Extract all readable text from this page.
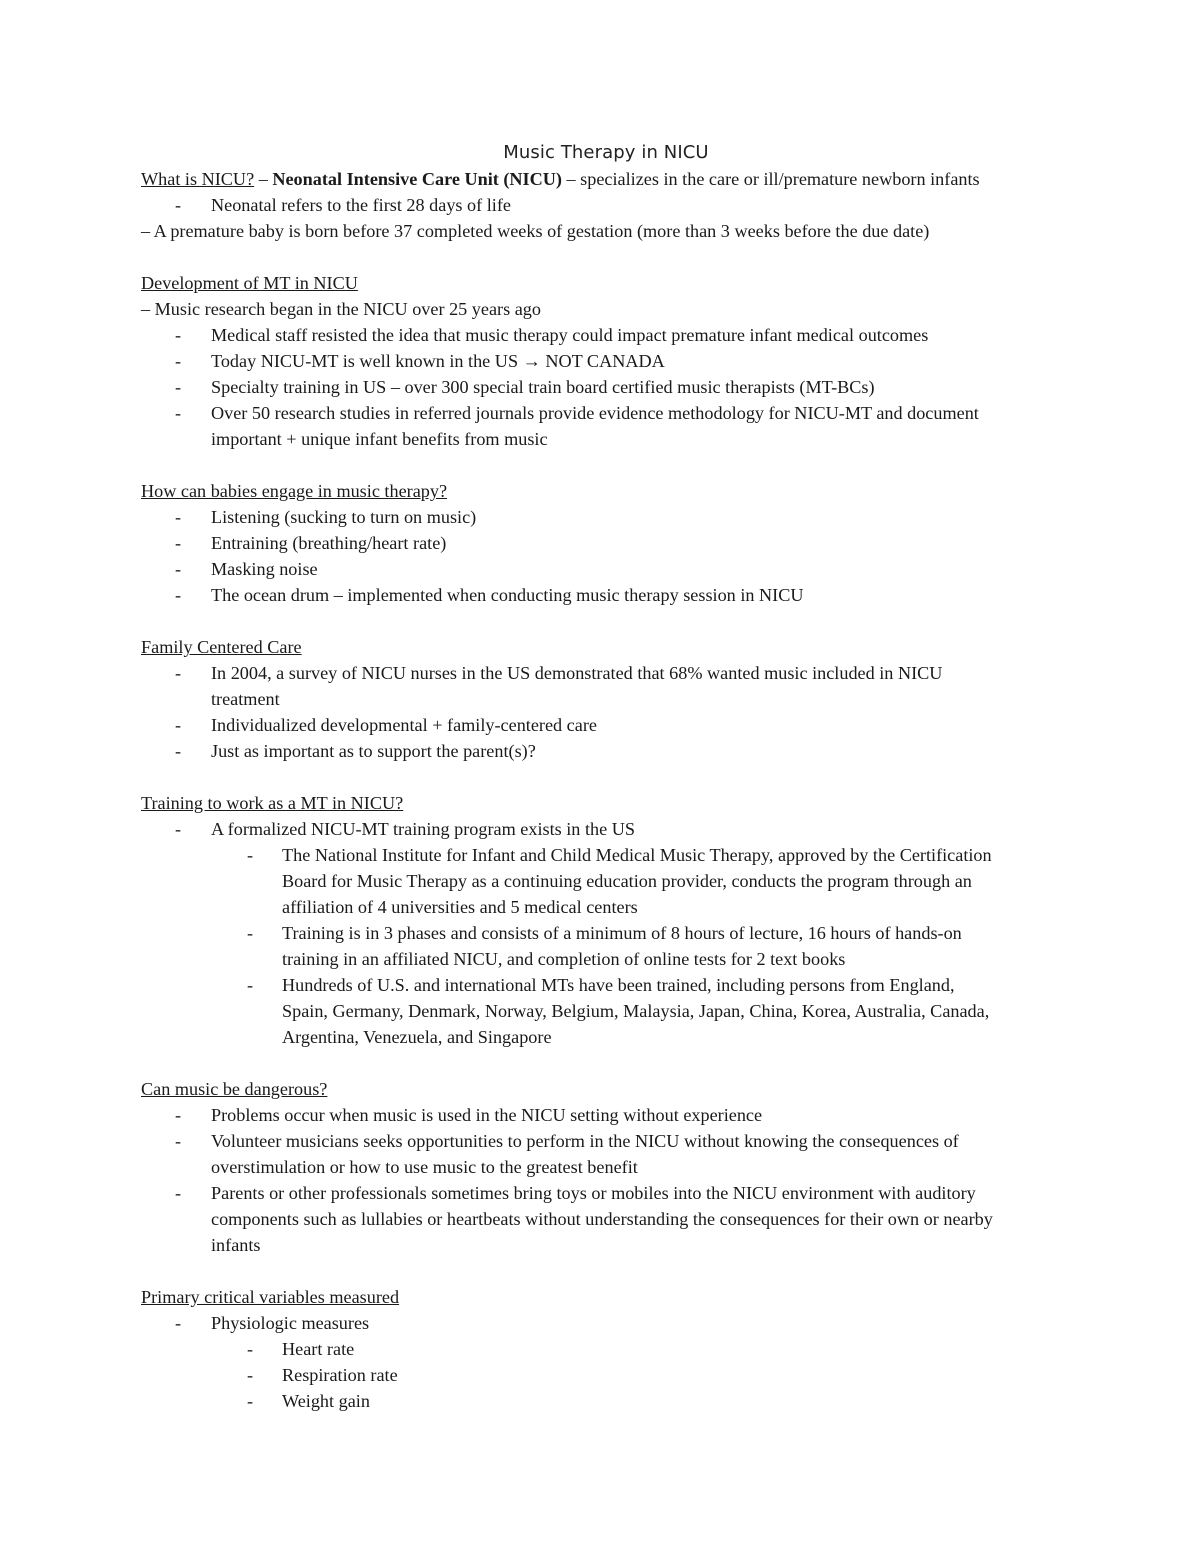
Music Therapy in NICU
What is NICU? – Neonatal Intensive Care Unit (NICU) – specializes in the care or ill/premature newborn infants
- Neonatal refers to the first 28 days of life
– A premature baby is born before 37 completed weeks of gestation (more than 3 weeks before the due date)
Development of MT in NICU
– Music research began in the NICU over 25 years ago
- Medical staff resisted the idea that music therapy could impact premature infant medical outcomes
- Today NICU-MT is well known in the US → NOT CANADA
- Specialty training in US – over 300 special train board certified music therapists (MT-BCs)
- Over 50 research studies in referred journals provide evidence methodology for NICU-MT and document
important + unique infant benefits from music
How can babies engage in music therapy?
- Listening (sucking to turn on music)
- Entraining (breathing/heart rate)
- Masking noise
- The ocean drum – implemented when conducting music therapy session in NICU
Family Centered Care
- In 2004, a survey of NICU nurses in the US demonstrated that 68% wanted music included in NICU
treatment
- Individualized developmental + family-centered care
- Just as important as to support the parent(s)?
Training to work as a MT in NICU?
- A formalized NICU-MT training program exists in the US
- The National Institute for Infant and Child Medical Music Therapy, approved by the Certification
Board for Music Therapy as a continuing education provider, conducts the program through an
affiliation of 4 universities and 5 medical centers
- Training is in 3 phases and consists of a minimum of 8 hours of lecture, 16 hours of hands-on
training in an affiliated NICU, and completion of online tests for 2 text books
- Hundreds of U.S. and international MTs have been trained, including persons from England,
Spain, Germany, Denmark, Norway, Belgium, Malaysia, Japan, China, Korea, Australia, Canada,
Argentina, Venezuela, and Singapore
Can music be dangerous?
- Problems occur when music is used in the NICU setting without experience
- Volunteer musicians seeks opportunities to perform in the NICU without knowing the consequences of
overstimulation or how to use music to the greatest benefit
- Parents or other professionals sometimes bring toys or mobiles into the NICU environment with auditory
components such as lullabies or heartbeats without understanding the consequences for their own or nearby
infants
Primary critical variables measured
- Physiologic measures
- Heart rate
- Respiration rate
- Weight gain
